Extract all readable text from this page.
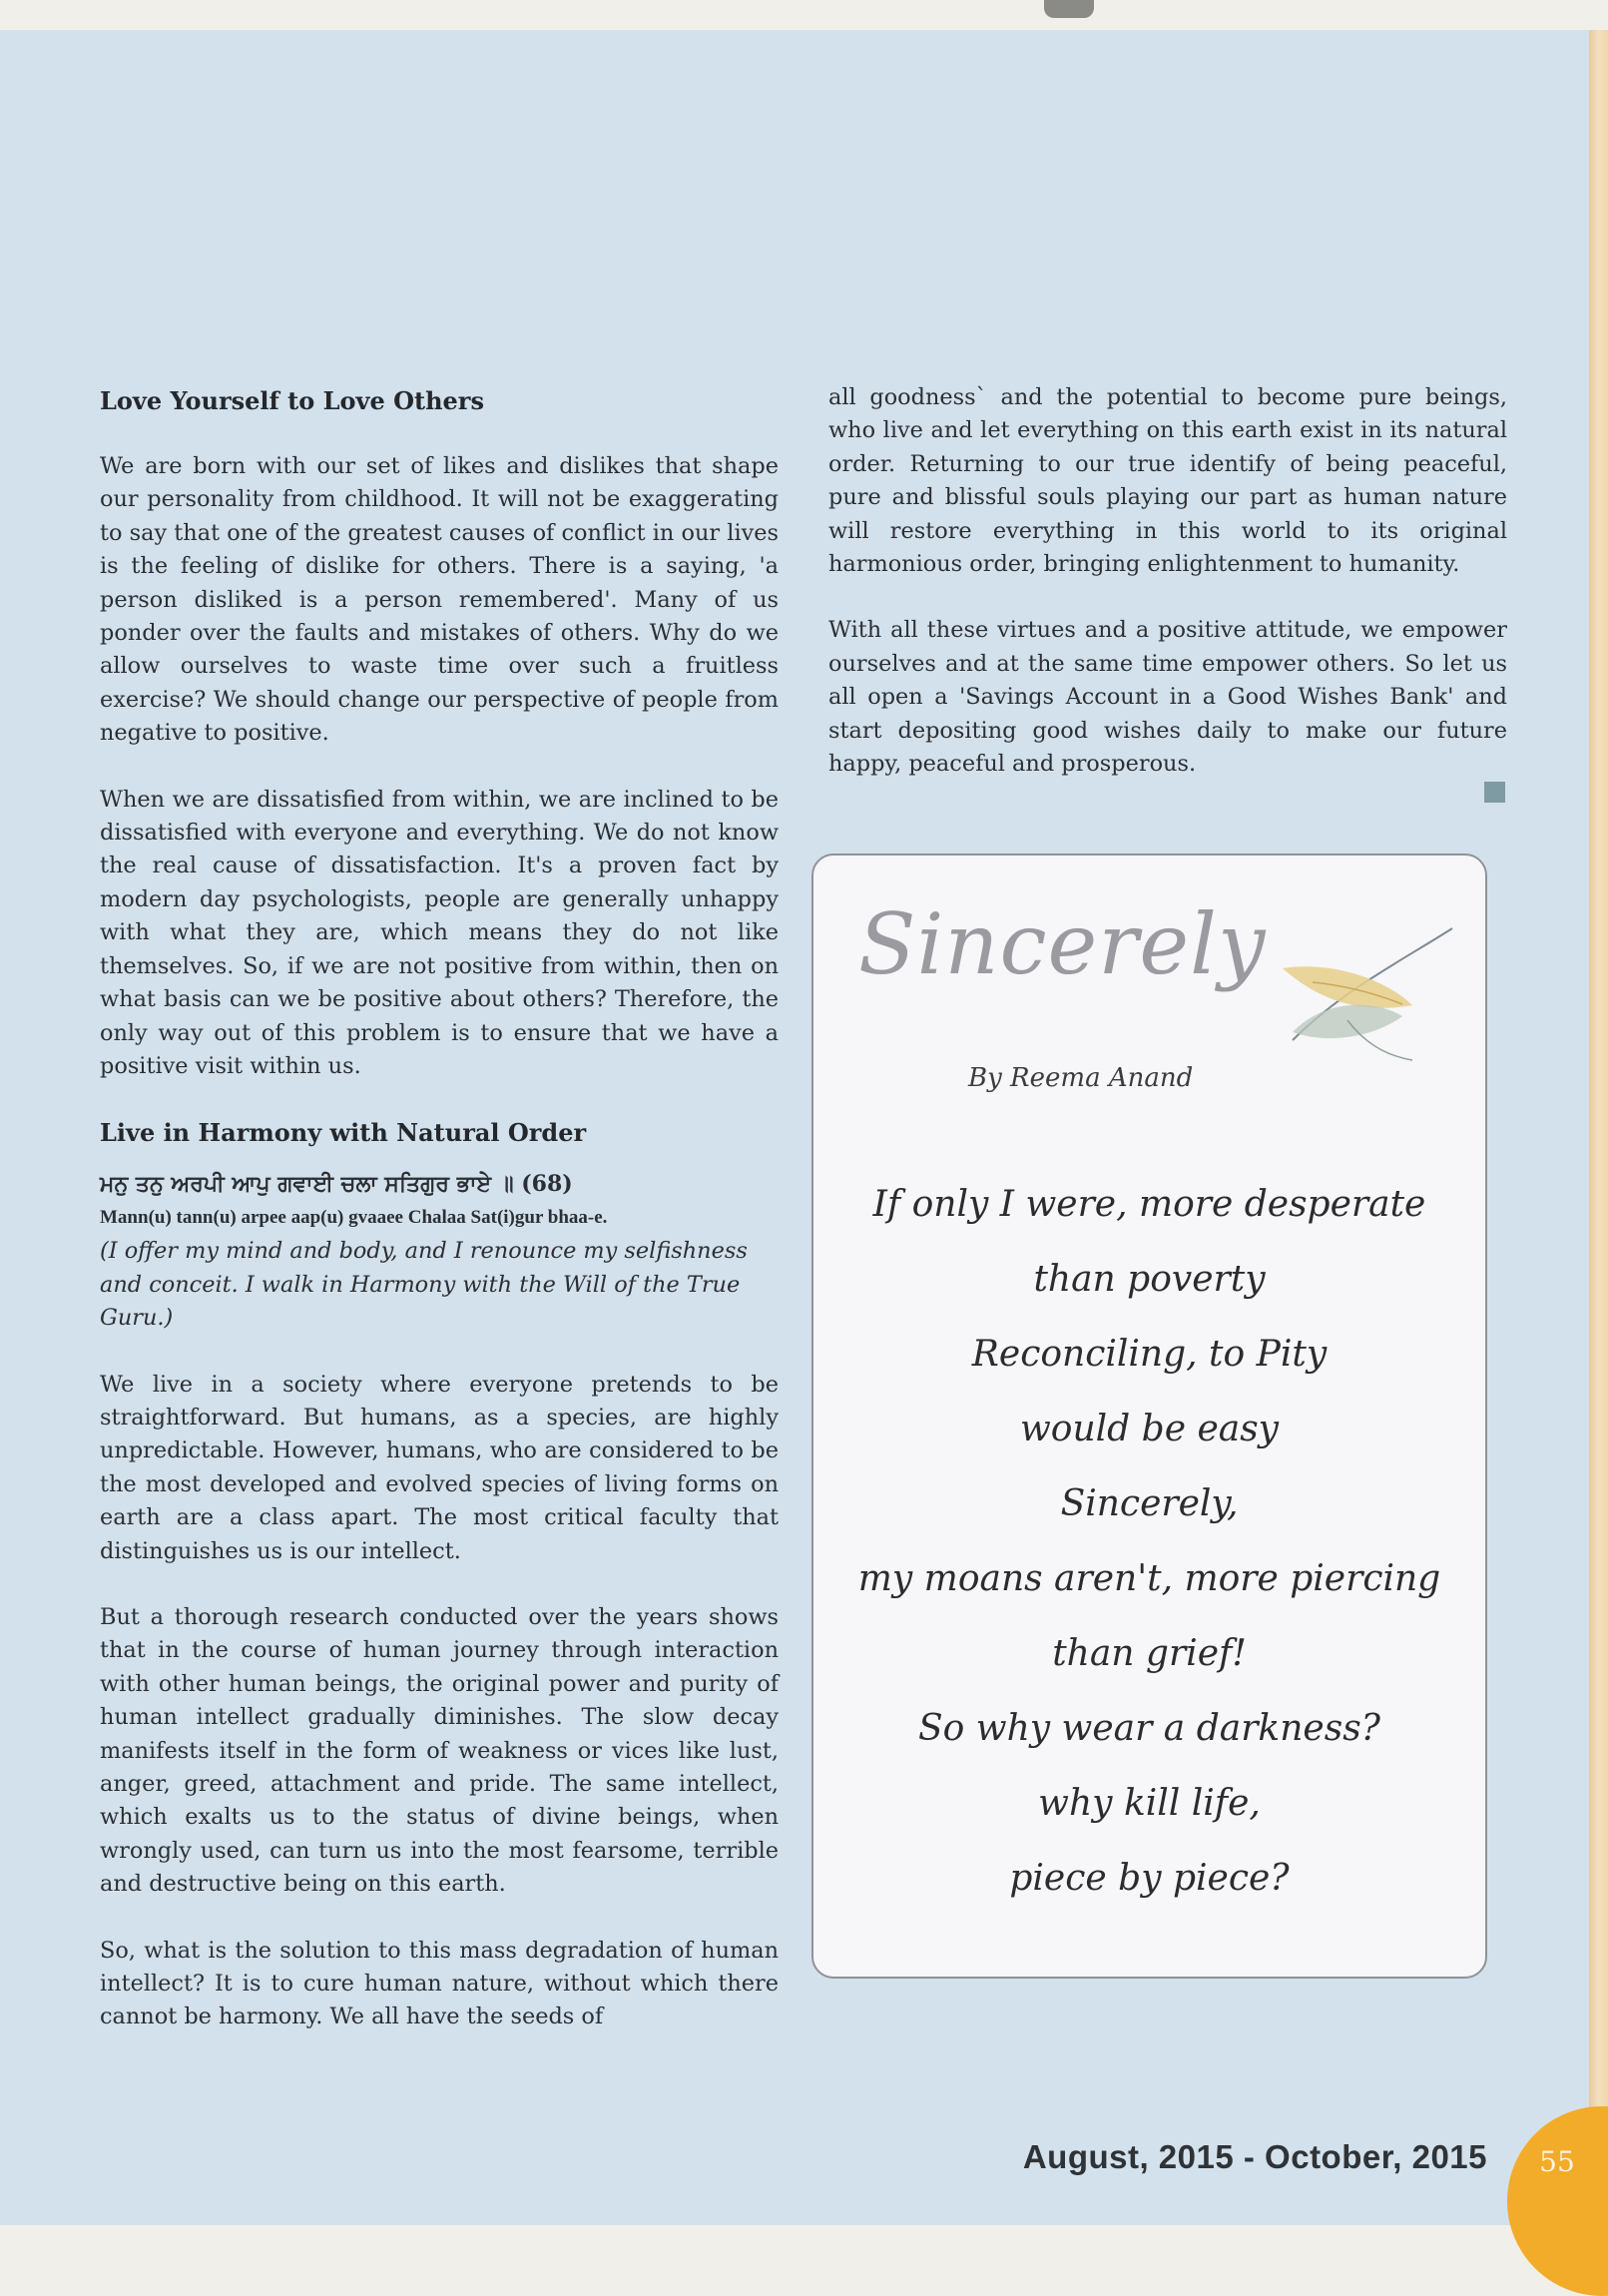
Love Yourself to Love Others

We are born with our set of likes and dislikes that shape our personality from childhood. It will not be exaggerating to say that one of the greatest causes of conflict in our lives is the feeling of dislike for others. There is a saying, 'a person disliked is a person remembered'. Many of us ponder over the faults and mistakes of others. Why do we allow ourselves to waste time over such a fruitless exercise? We should change our perspective of people from negative to positive.

When we are dissatisfied from within, we are inclined to be dissatisfied with everyone and everything. We do not know the real cause of dissatisfaction. It's a proven fact by modern day psychologists, people are generally unhappy with what they are, which means they do not like themselves. So, if we are not positive from within, then on what basis can we be positive about others? Therefore, the only way out of this problem is to ensure that we have a positive visit within us.

Live in Harmony with Natural Order
ਮਨੁ ਤਨੁ ਅਰਪੀ ਆਪੁ ਗਵਾਈ ਚਲਾ ਸਤਿਗੁਰ ਭਾਏ ॥ (68)
Mann(u) tann(u) arpee aap(u) gvaaee Chalaa Sat(i)gur bhaa-e.
(I offer my mind and body, and I renounce my selfishness and conceit. I walk in Harmony with the Will of the True Guru.)

We live in a society where everyone pretends to be straightforward. But humans, as a species, are highly unpredictable. However, humans, who are considered to be the most developed and evolved species of living forms on earth are a class apart. The most critical faculty that distinguishes us is our intellect.

But a thorough research conducted over the years shows that in the course of human journey through interaction with other human beings, the original power and purity of human intellect gradually diminishes. The slow decay manifests itself in the form of weakness or vices like lust, anger, greed, attachment and pride. The same intellect, which exalts us to the status of divine beings, when wrongly used, can turn us into the most fearsome, terrible and destructive being on this earth.

So, what is the solution to this mass degradation of human intellect? It is to cure human nature, without which there cannot be harmony. We all have the seeds of

all goodness` and the potential to become pure beings, who live and let everything on this earth exist in its natural order. Returning to our true identify of being peaceful, pure and blissful souls playing our part as human nature will restore everything in this world to its original harmonious order, bringing enlightenment to humanity.

With all these virtues and a positive attitude, we empower ourselves and at the same time empower others. So let us all open a 'Savings Account in a Good Wishes Bank' and start depositing good wishes daily to make our future happy, peaceful and prosperous.

Sincerely
By Reema Anand
If only I were, more desperate
than poverty
Reconciling, to Pity
would be easy
Sincerely,
my moans aren't, more piercing
than grief!
So why wear a darkness?
why kill life,
piece by piece?
August, 2015 - October, 2015	55
